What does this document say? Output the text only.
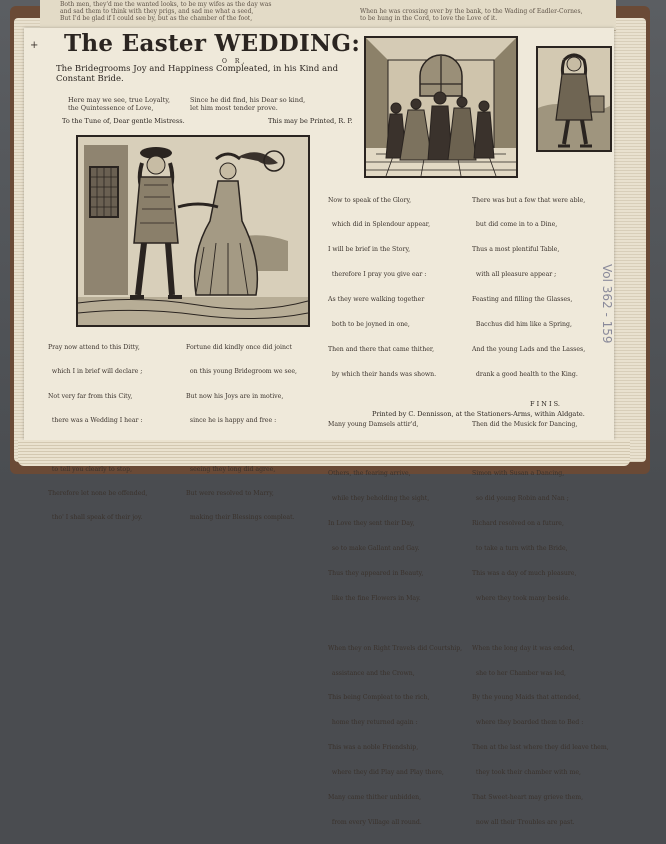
Both men, they'd me the wanted looks, to be my wifes as the day was
and sad them to think with they prigs, and sad me what a seed,
But I'd be glad if I could see by, but as the chamber of the foot,
When he was crossing over by the bank, to the Wading of Eadler-Cornes,
to be hung in the Cord, to love the Love of it.
+ The Easter WEDDING:
O R,
The Bridegrooms Joy and Happiness Compleated, in his Kind and Constant Bride.
Here may we see, true Loyalty,
the Quintessence of Love,
Since he did find, his Dear so kind,
let him most tender prove.
To the Tune of, Dear gentle Mistress.	This may be Printed, R. P.

Pray now attend to this Ditty,

which I in brief will declare ;

Not very far from this City,

there was a Wedding I hear :

to tell you clearly to stop,

Therefore let none be offended,

tho' I shall speak of their joy.

Fortune did kindly once did joinct

on this young Bridegroom we see,

But now his Joys are in motive,

since he is happy and free :

seeing they long did agree,

But were resolved to Marry,

making their Blessings compleat.

Now to speak of the Glory,

which did in Splendour appear,

I will be brief in the Story,

therefore I pray you give ear :

As they were walking together

both to be joyned in one,

Then and there that came thither,

by which their hands was shown.

Many young Damsels attir'd,

Others, the fearing arrive,

while they beholding the sight,

In Love they sent their Day,

so to make Gallant and Gay.

Thus they appeared in Beauty,

like the fine Flowers in May.

When they on Right Travels did Courtship,

assistance and the Crown,

This being Compleat to the rich,

home they returned again :

This was a noble Friendship,

where they did Play and Play there,

Many came thither unbidden,

from every Village all round.

There was but a few that were able,

but did come in to a Dine,

Thus a most plentiful Table,

with all pleasure appear ;

Feasting and filling the Glasses,

Bacchus did him like a Spring,

And the young Lads and the Lasses,

drank a good health to the King.

Then did the Musick for Dancing,

Simon with Susan a Dancing,

so did young Robin and Nan ;

Richard resolved on a future,

to take a turn with the Bride,

This was a day of much pleasure,

where they took many beside.

When the long day it was ended,

she to her Chamber was led,

By the young Maids that attended,

where they boarded them to Bed :

Then at the last where they did leave them,

they took their chamber with me,

That Sweet-heart may grieve them,

now all their Troubles are past.

F I N I S.
Printed by C. Dennisson, at the Stationers-Arms, within Aldgate.
Vol 362 - 159
